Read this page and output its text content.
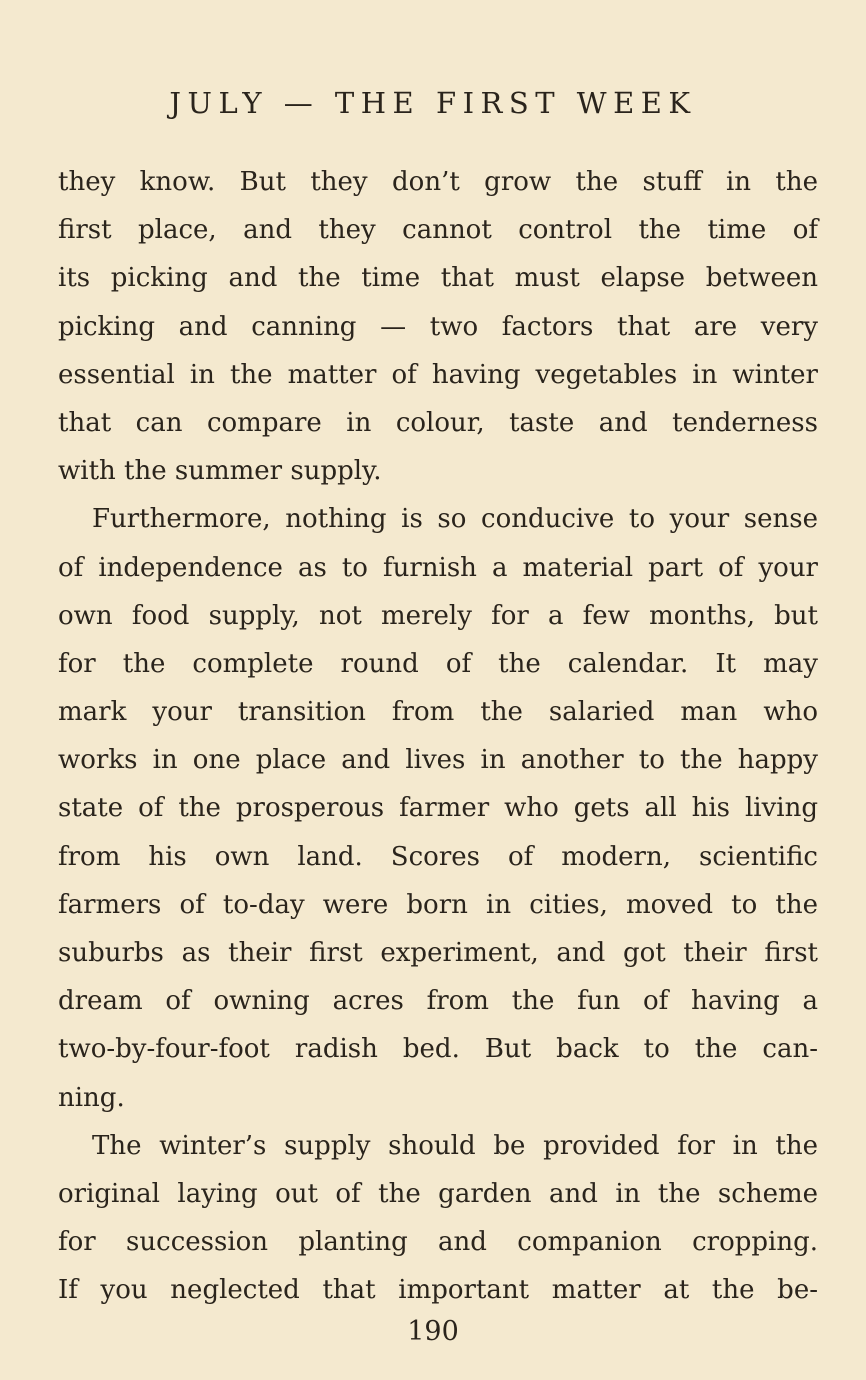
JULY — THE FIRST WEEK
they know. But they don’t grow the stuff in the
first place, and they cannot control the time of
its picking and the time that must elapse between
picking and canning — two factors that are very
essential in the matter of having vegetables in winter
that can compare in colour, taste and tenderness
with the summer supply.
Furthermore, nothing is so conducive to your sense
of independence as to furnish a material part of your
own food supply, not merely for a few months, but
for the complete round of the calendar. It may
mark your transition from the salaried man who
works in one place and lives in another to the happy
state of the prosperous farmer who gets all his living
from his own land. Scores of modern, scientific
farmers of to-day were born in cities, moved to the
suburbs as their first experiment, and got their first
dream of owning acres from the fun of having a
two-by-four-foot radish bed. But back to the can-
ning.
The winter’s supply should be provided for in the
original laying out of the garden and in the scheme
for succession planting and companion cropping.
If you neglected that important matter at the be-
190
